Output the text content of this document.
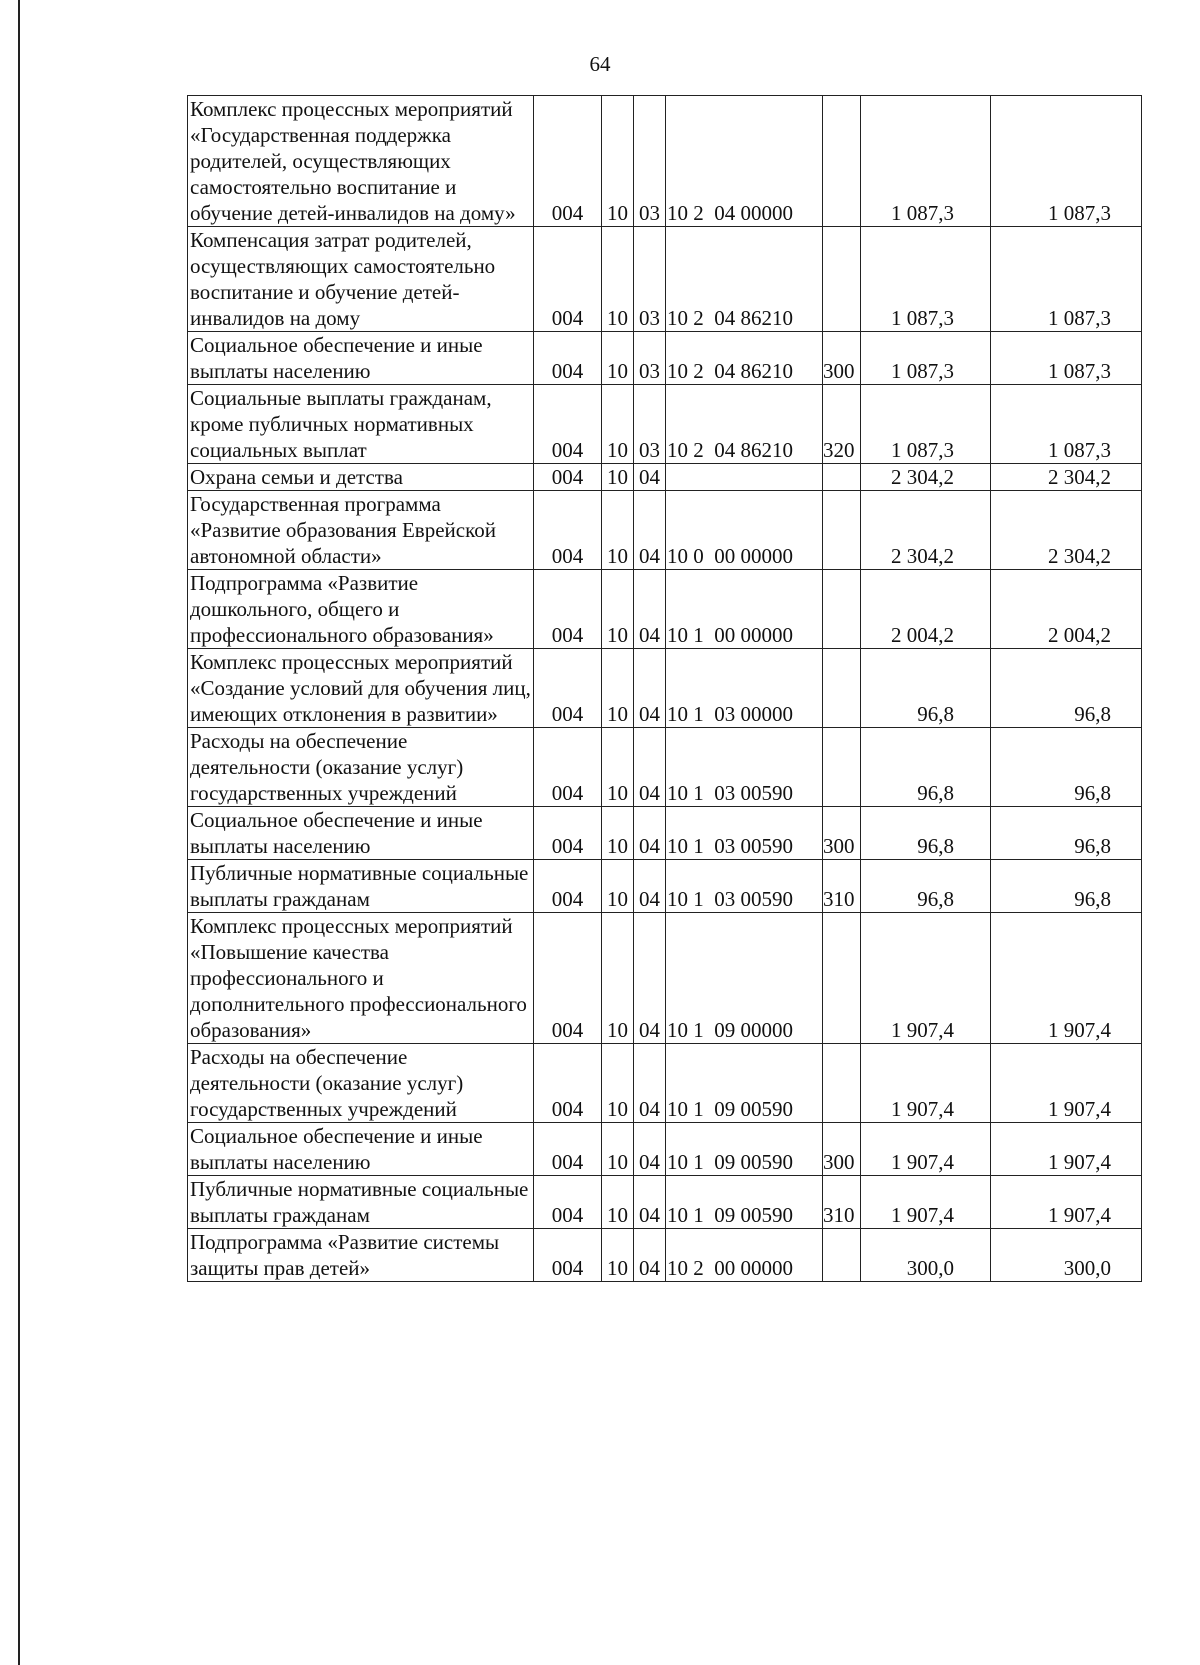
64
Комплекс процессных мероприятий «Государственная поддержка родителей, осуществляющих самостоятельно воспитание и обучение детей-инвалидов на дому»	004	10	03	10 2  04 00000		1 087,3	1 087,3
Компенсация затрат родителей, осуществляющих самостоятельно воспитание и обучение детей-инвалидов на дому	004	10	03	10 2  04 86210		1 087,3	1 087,3
Социальное обеспечение и иные выплаты населению	004	10	03	10 2  04 86210	300	1 087,3	1 087,3
Социальные выплаты гражданам, кроме публичных нормативных социальных выплат	004	10	03	10 2  04 86210	320	1 087,3	1 087,3
Охрана семьи и детства	004	10	04			2 304,2	2 304,2
Государственная программа «Развитие образования Еврейской автономной области»	004	10	04	10 0  00 00000		2 304,2	2 304,2
Подпрограмма «Развитие дошкольного, общего и профессионального образования»	004	10	04	10 1  00 00000		2 004,2	2 004,2
Комплекс процессных мероприятий «Создание условий для обучения лиц, имеющих отклонения в развитии»	004	10	04	10 1  03 00000		96,8	96,8
Расходы на обеспечение деятельности (оказание услуг) государственных учреждений	004	10	04	10 1  03 00590		96,8	96,8
Социальное обеспечение и иные выплаты населению	004	10	04	10 1  03 00590	300	96,8	96,8
Публичные нормативные социальные выплаты гражданам	004	10	04	10 1  03 00590	310	96,8	96,8
Комплекс процессных мероприятий «Повышение качества профессионального и дополнительного профессионального образования»	004	10	04	10 1  09 00000		1 907,4	1 907,4
Расходы на обеспечение деятельности (оказание услуг) государственных учреждений	004	10	04	10 1  09 00590		1 907,4	1 907,4
Социальное обеспечение и иные выплаты населению	004	10	04	10 1  09 00590	300	1 907,4	1 907,4
Публичные нормативные социальные выплаты гражданам	004	10	04	10 1  09 00590	310	1 907,4	1 907,4
Подпрограмма «Развитие системы защиты прав детей»	004	10	04	10 2  00 00000		300,0	300,0
